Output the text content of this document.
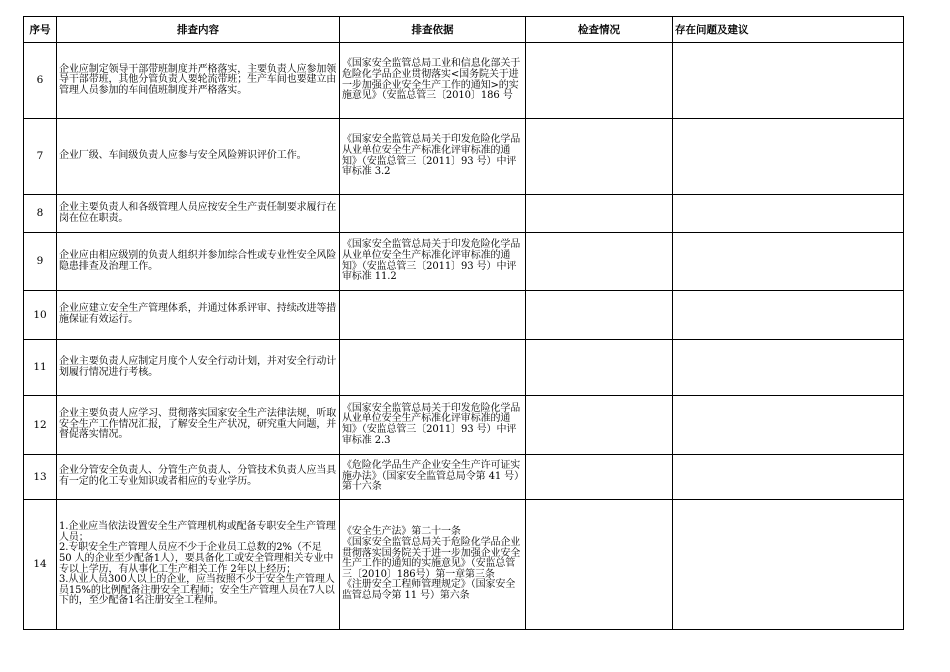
序号	排查内容	排查依据	检查情况	存在问题及建议
6	企业应制定领导干部带班制度并严格落实，主要负责人应参加领导干部带班，其他分管负责人要轮流带班；生产车间也要建立由管理人员参加的车间值班制度并严格落实。	《国家安全监管总局工业和信息化部关于危险化学品企业贯彻落实<国务院关于进一步加强企业安全生产工作的通知>的实施意见》（安监总管三〔2010〕186 号		
7	企业厂级、车间级负责人应参与安全风险辨识评价工作。	《国家安全监管总局关于印发危险化学品从业单位安全生产标准化评审标准的通知》（安监总管三〔2011〕93 号）中评审标准 3.2		
8	企业主要负责人和各级管理人员应按安全生产责任制要求履行在岗在位在职责。			
9	企业应由相应级别的负责人组织并参加综合性或专业性安全风险隐患排查及治理工作。	《国家安全监管总局关于印发危险化学品从业单位安全生产标准化评审标准的通知》（安监总管三〔2011〕93 号）中评审标准 11.2		
10	企业应建立安全生产管理体系，并通过体系评审、持续改进等措施保证有效运行。			
11	企业主要负责人应制定月度个人安全行动计划，并对安全行动计划履行情况进行考核。			
12	企业主要负责人应学习、贯彻落实国家安全生产法律法规，听取安全生产工作情况汇报，了解安全生产状况，研究重大问题，并督促落实情况。	《国家安全监管总局关于印发危险化学品从业单位安全生产标准化评审标准的通知》（安监总管三〔2011〕93 号）中评审标准 2.3		
13	企业分管安全负责人、分管生产负责人、分管技术负责人应当具有一定的化工专业知识或者相应的专业学历。	《危险化学品生产企业安全生产许可证实施办法》（国家安全监管总局令第 41 号）第十六条		
14	1.企业应当依法设置安全生产管理机构或配备专职安全生产管理人员；
2.专职安全生产管理人员应不少于企业员工总数的2%（不足 50 人的企业至少配备1人），要具备化工或安全管理相关专业中专以上学历，有从事化工生产相关工作 2年以上经历；
3.从业人员300人以上的企业，应当按照不少于安全生产管理人员15%的比例配备注册安全工程师；安全生产管理人员在7人以下的，至少配备1名注册安全工程师。	《安全生产法》第二十一条
《国家安全监管总局关于危险化学品企业贯彻落实国务院关于进一步加强企业安全生产工作的通知的实施意见》（安监总管三〔2010〕186号）第一章第三条
《注册安全工程师管理规定》（国家安全监管总局令第 11 号）第六条		
